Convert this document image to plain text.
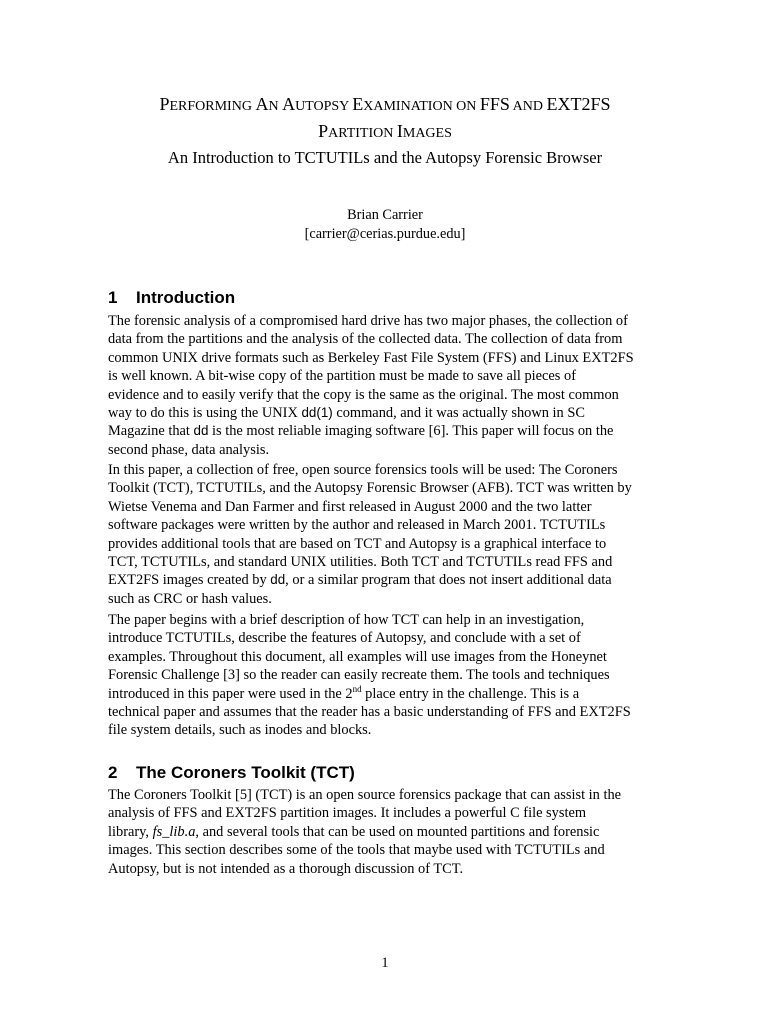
PERFORMING AN AUTOPSY EXAMINATION ON FFS AND EXT2FS
PARTITION IMAGES
An Introduction to TCTUTILs and the Autopsy Forensic Browser
Brian Carrier
[carrier@cerias.purdue.edu]
1 Introduction
The forensic analysis of a compromised hard drive has two major phases, the collection of
data from the partitions and the analysis of the collected data. The collection of data from
common UNIX drive formats such as Berkeley Fast File System (FFS) and Linux EXT2FS
is well known. A bit-wise copy of the partition must be made to save all pieces of
evidence and to easily verify that the copy is the same as the original. The most common
way to do this is using the UNIX dd(1) command, and it was actually shown in SC
Magazine that dd is the most reliable imaging software [6]. This paper will focus on the
second phase, data analysis.
In this paper, a collection of free, open source forensics tools will be used: The Coroners
Toolkit (TCT), TCTUTILs, and the Autopsy Forensic Browser (AFB). TCT was written by
Wietse Venema and Dan Farmer and first released in August 2000 and the two latter
software packages were written by the author and released in March 2001. TCTUTILs
provides additional tools that are based on TCT and Autopsy is a graphical interface to
TCT, TCTUTILs, and standard UNIX utilities. Both TCT and TCTUTILs read FFS and
EXT2FS images created by dd, or a similar program that does not insert additional data
such as CRC or hash values.
The paper begins with a brief description of how TCT can help in an investigation,
introduce TCTUTILs, describe the features of Autopsy, and conclude with a set of
examples. Throughout this document, all examples will use images from the Honeynet
Forensic Challenge [3] so the reader can easily recreate them. The tools and techniques
introduced in this paper were used in the 2nd place entry in the challenge. This is a
technical paper and assumes that the reader has a basic understanding of FFS and EXT2FS
file system details, such as inodes and blocks.
2 The Coroners Toolkit (TCT)
The Coroners Toolkit [5] (TCT) is an open source forensics package that can assist in the
analysis of FFS and EXT2FS partition images. It includes a powerful C file system
library, fs_lib.a, and several tools that can be used on mounted partitions and forensic
images. This section describes some of the tools that maybe used with TCTUTILs and
Autopsy, but is not intended as a thorough discussion of TCT.
1
